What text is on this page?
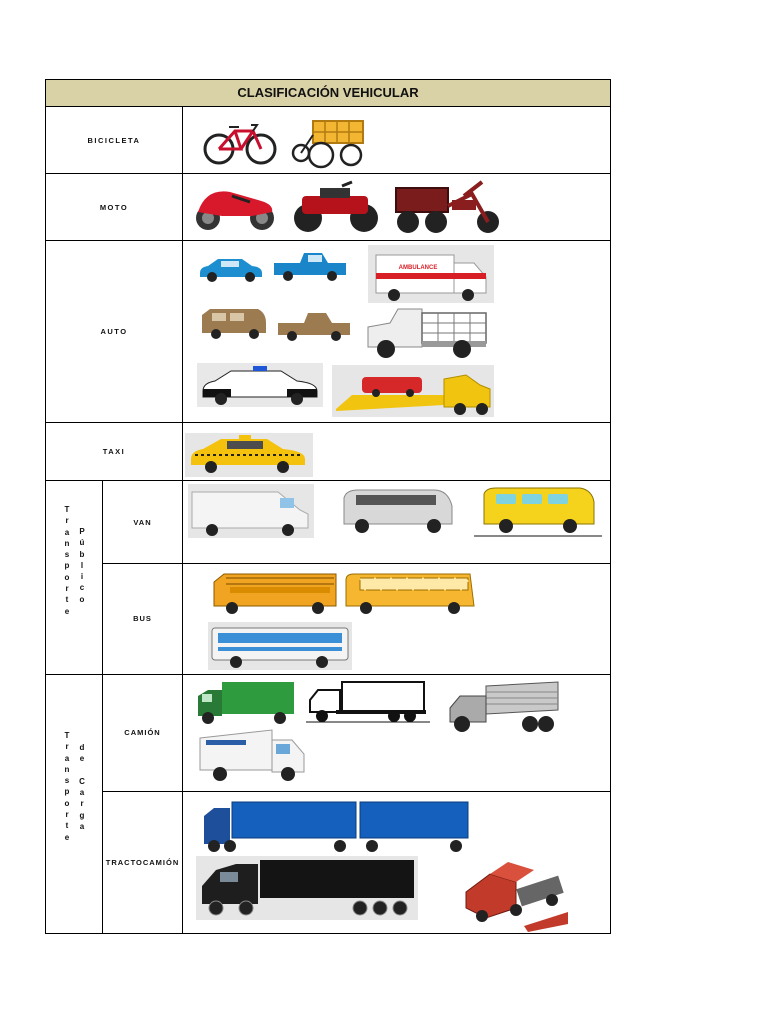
CLASIFICACIÓN VEHICULAR
BICICLETA
MOTO
AUTO
AMBULANCE
TAXI
T
r
a
n
s
p
o
r
t
e
P
ú
b
l
i
c
o
VAN
BUS
T
r
a
n
s
p
o
r
t
e
d
e
C
a
r
g
a
CAMIÓN
TRACTOCAMIÓN
